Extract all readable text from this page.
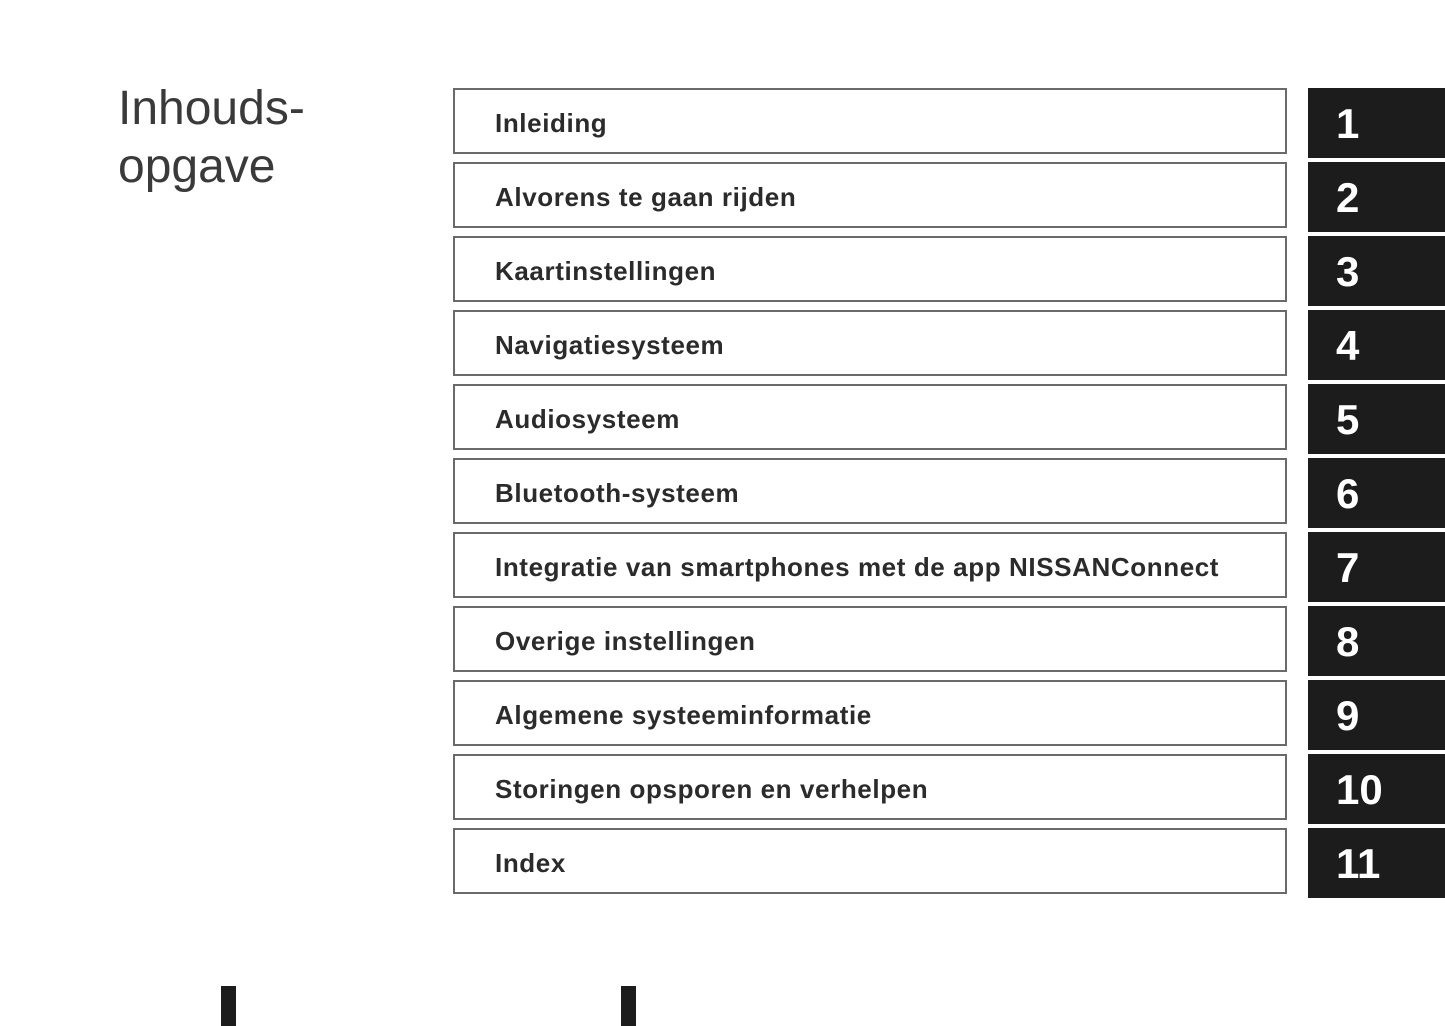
Inhouds-
opgave
Inleiding	1
Alvorens te gaan rijden	2
Kaartinstellingen	3
Navigatiesysteem	4
Audiosysteem	5
Bluetooth-systeem	6
Integratie van smartphones met de app NISSANConnect	7
Overige instellingen	8
Algemene systeeminformatie	9
Storingen opsporen en verhelpen	10
Index	11
